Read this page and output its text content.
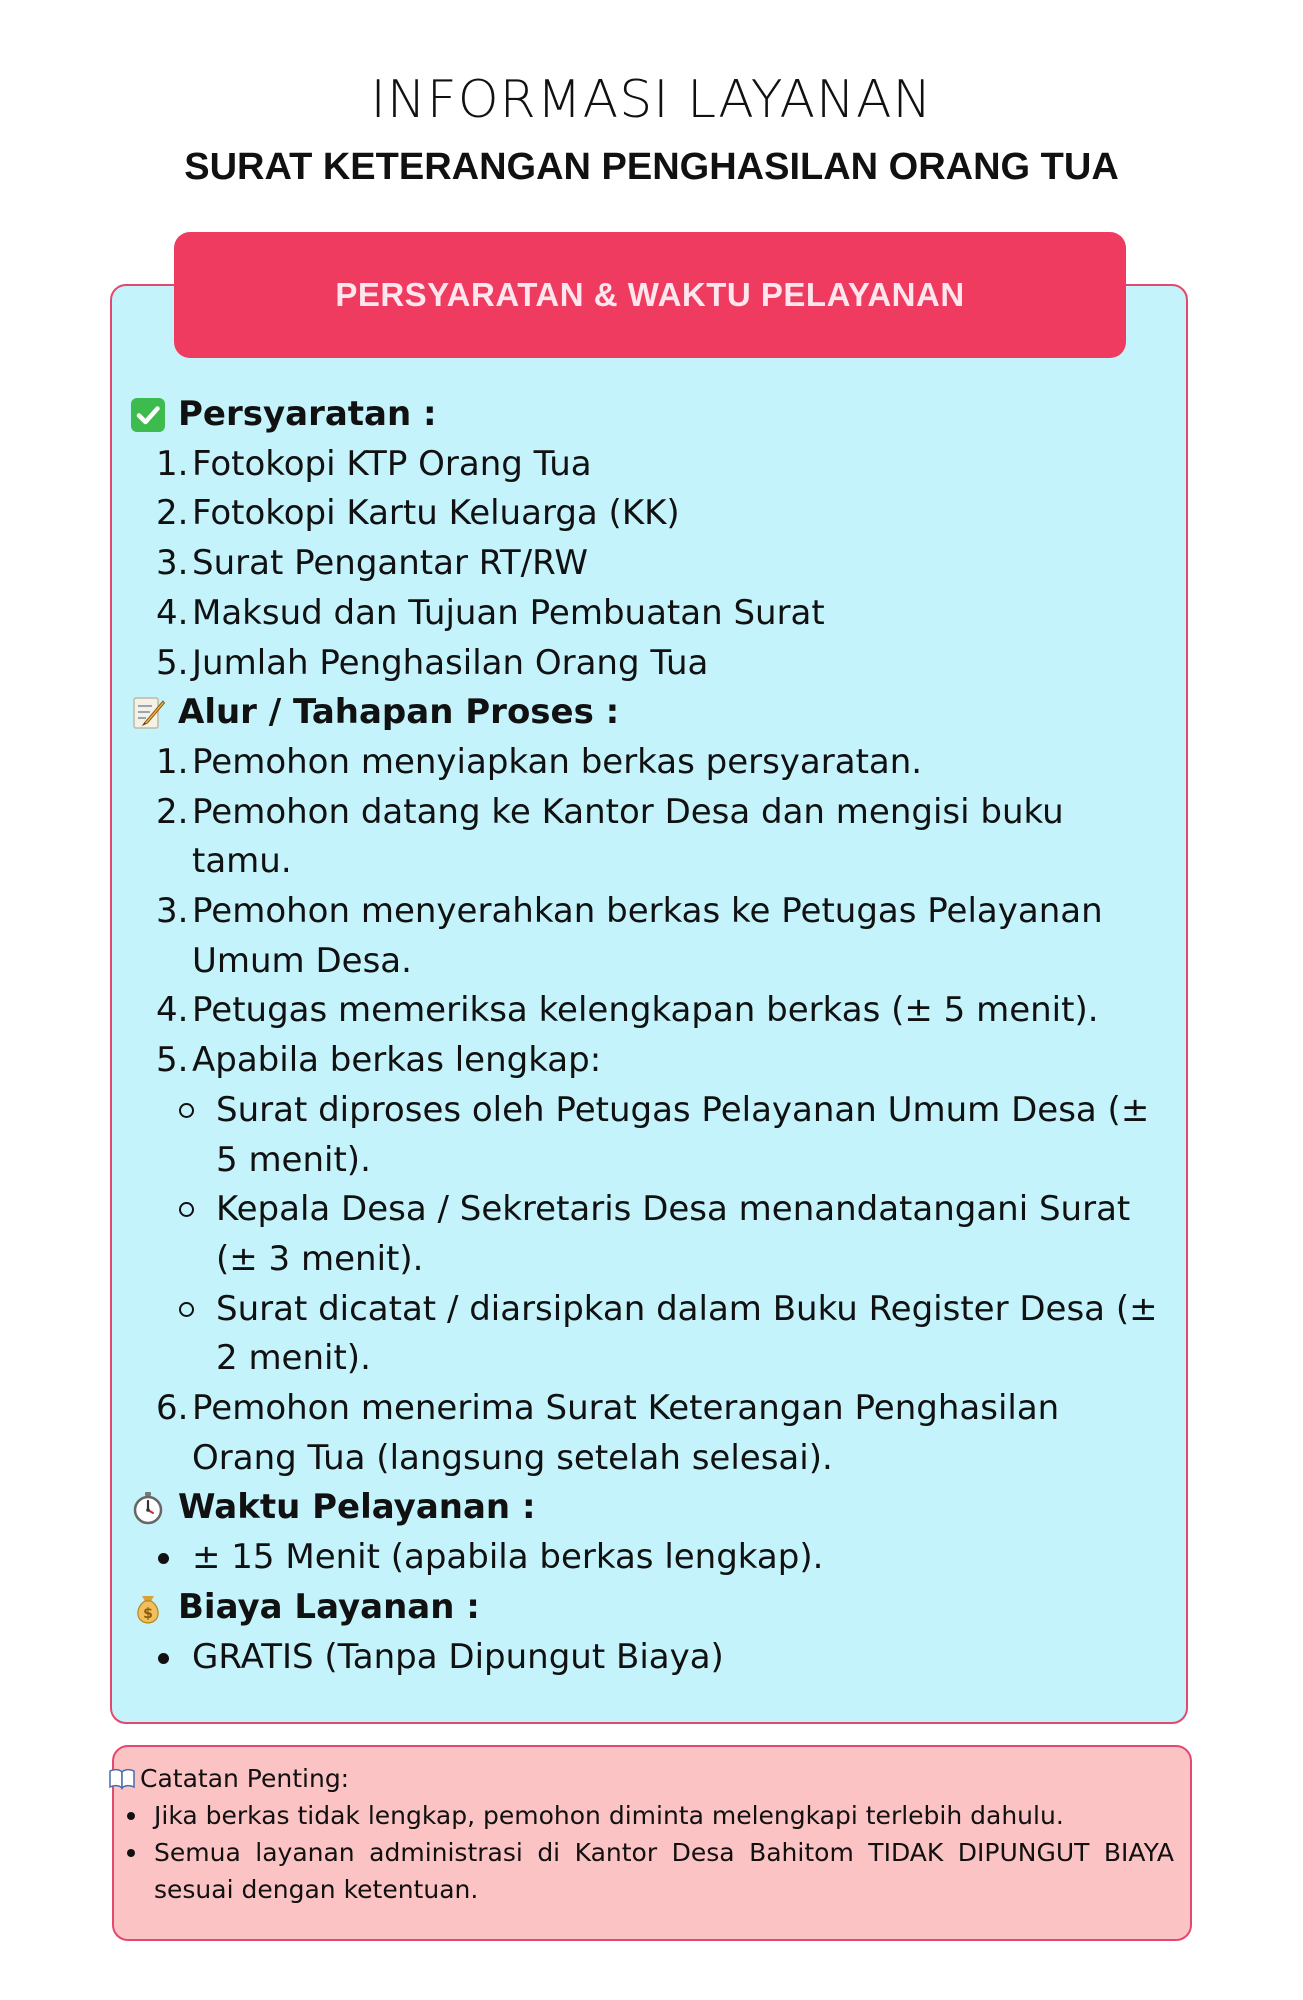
INFORMASI LAYANAN
SURAT KETERANGAN PENGHASILAN ORANG TUA
PERSYARATAN & WAKTU PELAYANAN
Persyaratan :
1. Fotokopi KTP Orang Tua
2. Fotokopi Kartu Keluarga (KK)
3. Surat Pengantar RT/RW
4. Maksud dan Tujuan Pembuatan Surat
5. Jumlah Penghasilan Orang Tua
Alur / Tahapan Proses :
1. Pemohon menyiapkan berkas persyaratan.
2. Pemohon datang ke Kantor Desa dan mengisi buku tamu.
3. Pemohon menyerahkan berkas ke Petugas Pelayanan Umum Desa.
4. Petugas memeriksa kelengkapan berkas (± 5 menit).
5. Apabila berkas lengkap:
Surat diproses oleh Petugas Pelayanan Umum Desa (± 5 menit).
Kepala Desa / Sekretaris Desa menandatangani Surat (± 3 menit).
Surat dicatat / diarsipkan dalam Buku Register Desa (± 2 menit).
6. Pemohon menerima Surat Keterangan Penghasilan Orang Tua (langsung setelah selesai).
Waktu Pelayanan :
± 15 Menit (apabila berkas lengkap).
$ Biaya Layanan :
GRATIS (Tanpa Dipungut Biaya)
Catatan Penting:
Jika berkas tidak lengkap, pemohon diminta melengkapi terlebih dahulu.
Semua layanan administrasi di Kantor Desa Bahitom TIDAK DIPUNGUT BIAYA sesuai dengan ketentuan.
